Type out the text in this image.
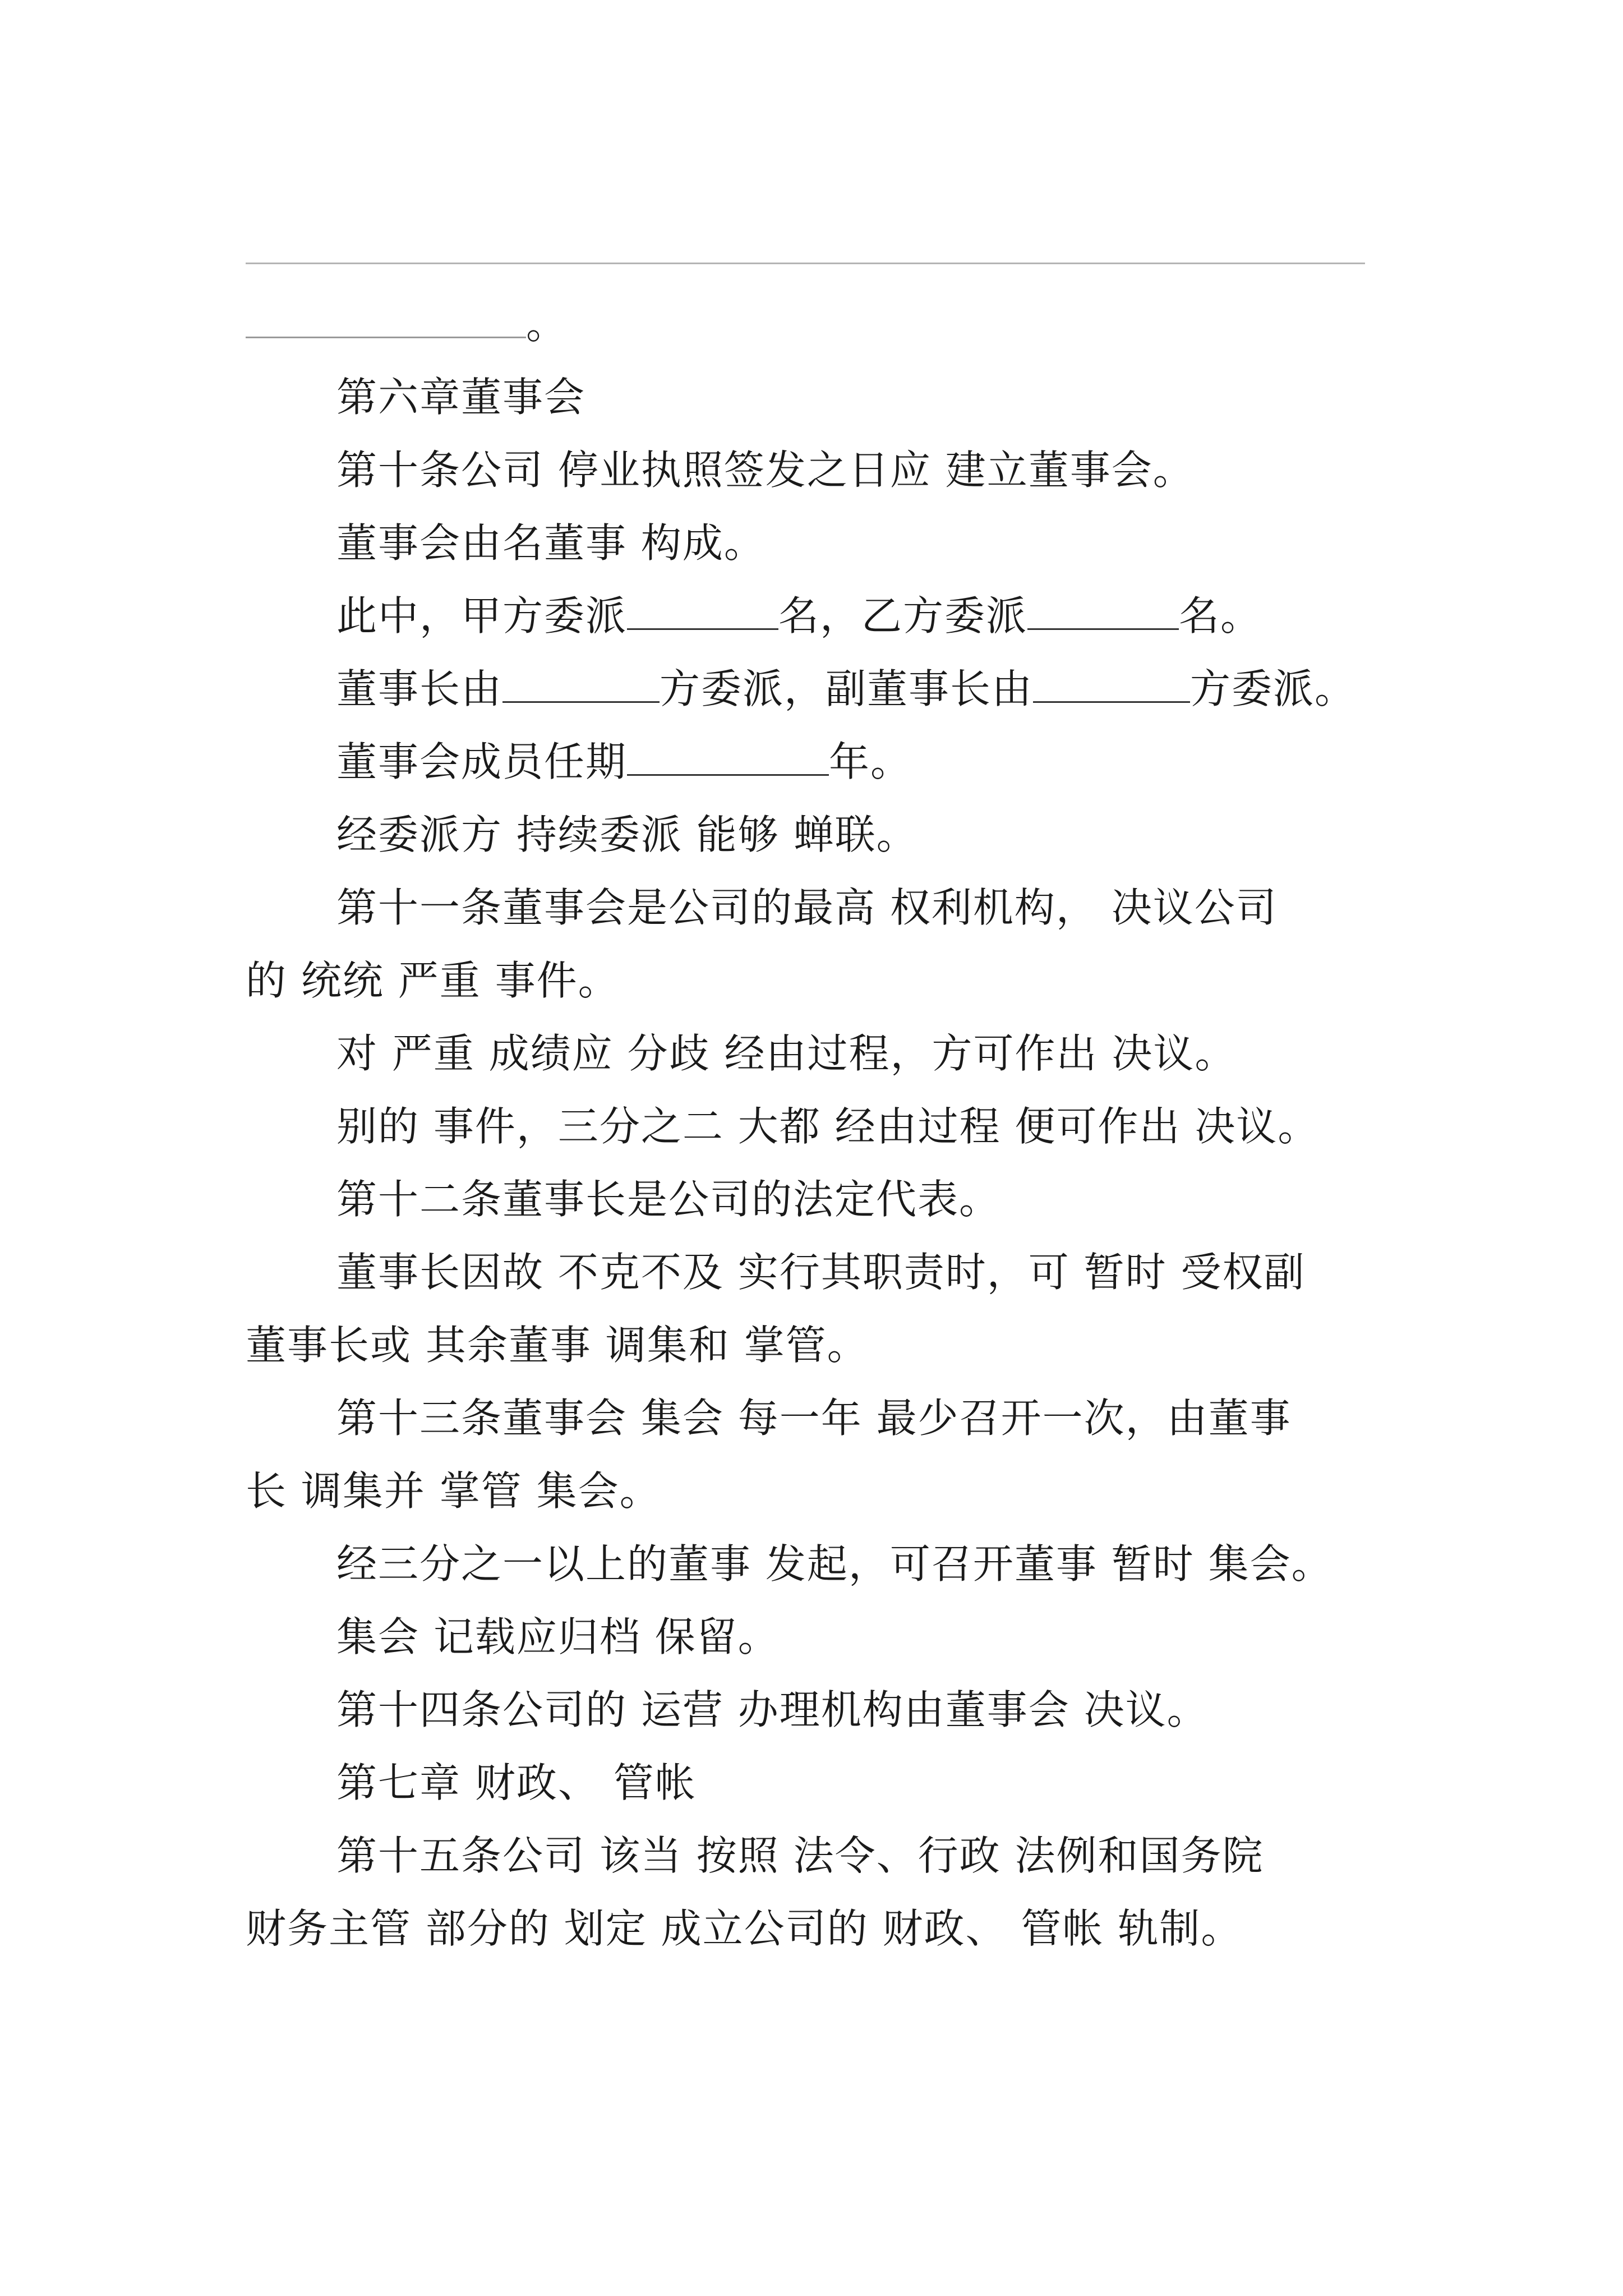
。
第六章董事会
第十条公司 停业执照签发之日应 建立董事会。
董事会由名董事 构成。
此中，甲方委派	名，乙方委派	名。
董事长由	方委派，副董事长由	方委派。
董事会成员任期	年。
经委派方 持续委派 能够 蝉联。
第十一条董事会是公司的最高 权利机构， 决议公司
的 统统 严重 事件。
对 严重 成绩应 分歧 经由过程，方可作出 决议。
别的 事件，三分之二 大都 经由过程 便可作出 决议。
第十二条董事长是公司的法定代表。
董事长因故 不克不及 实行其职责时，可 暂时 受权副
董事长或 其余董事 调集和 掌管。
第十三条董事会 集会 每一年 最少召开一次，由董事
长 调集并 掌管 集会。
经三分之一以上的董事 发起，可召开董事 暂时 集会。
集会 记载应归档 保留。
第十四条公司的 运营 办理机构由董事会 决议。
第七章 财政、 管帐
第十五条公司 该当 按照 法令、行政 法例和国务院
财务主管 部分的 划定 成立公司的 财政、 管帐 轨制。
